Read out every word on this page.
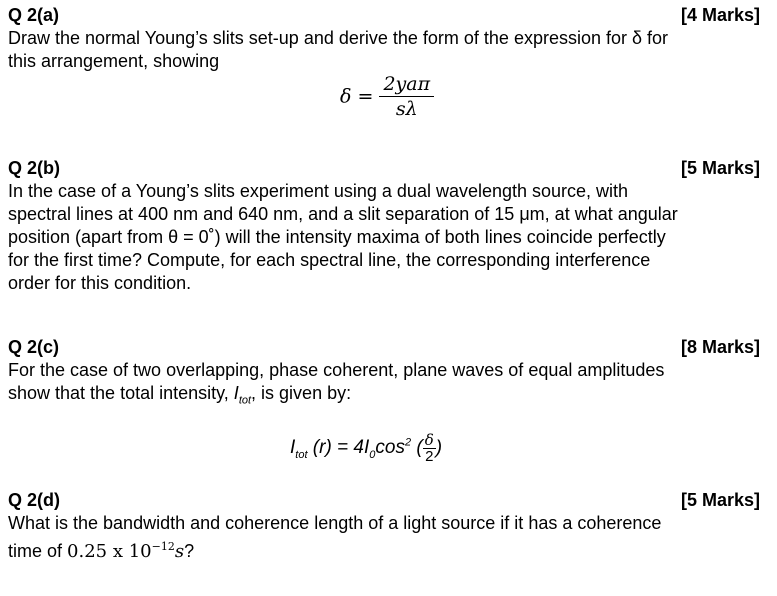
Q 2(a)	[4 Marks]
Draw the normal Young’s slits set-up and derive the form of the expression for δ for
this arrangement, showing
$\delta = \frac{\text{2yaπ}}{s\lambda}$
Q 2(b)	[5 Marks]
In the case of a Young’s slits experiment using a dual wavelength source, with
spectral lines at 400 nm and 640 nm, and a slit separation of 15 μm, at what angular
position (apart from θ = 0˚) will the intensity maxima of both lines coincide perfectly
for the first time? Compute, for each spectral line, the corresponding interference
order for this condition.
Q 2(c)	[8 Marks]
For the case of two overlapping, phase coherent, plane waves of equal amplitudes
show that the total intensity, $I_{tot}$, is given by:
$I_{tot}$ $(r) = 4I_0\cos^2$ ( $\frac{\delta}{2}$ )
Q 2(d)	[5 Marks]
What is the bandwidth and coherence length of a light source if it has a coherence
time of 0.25 x $10^{-12}s$?
